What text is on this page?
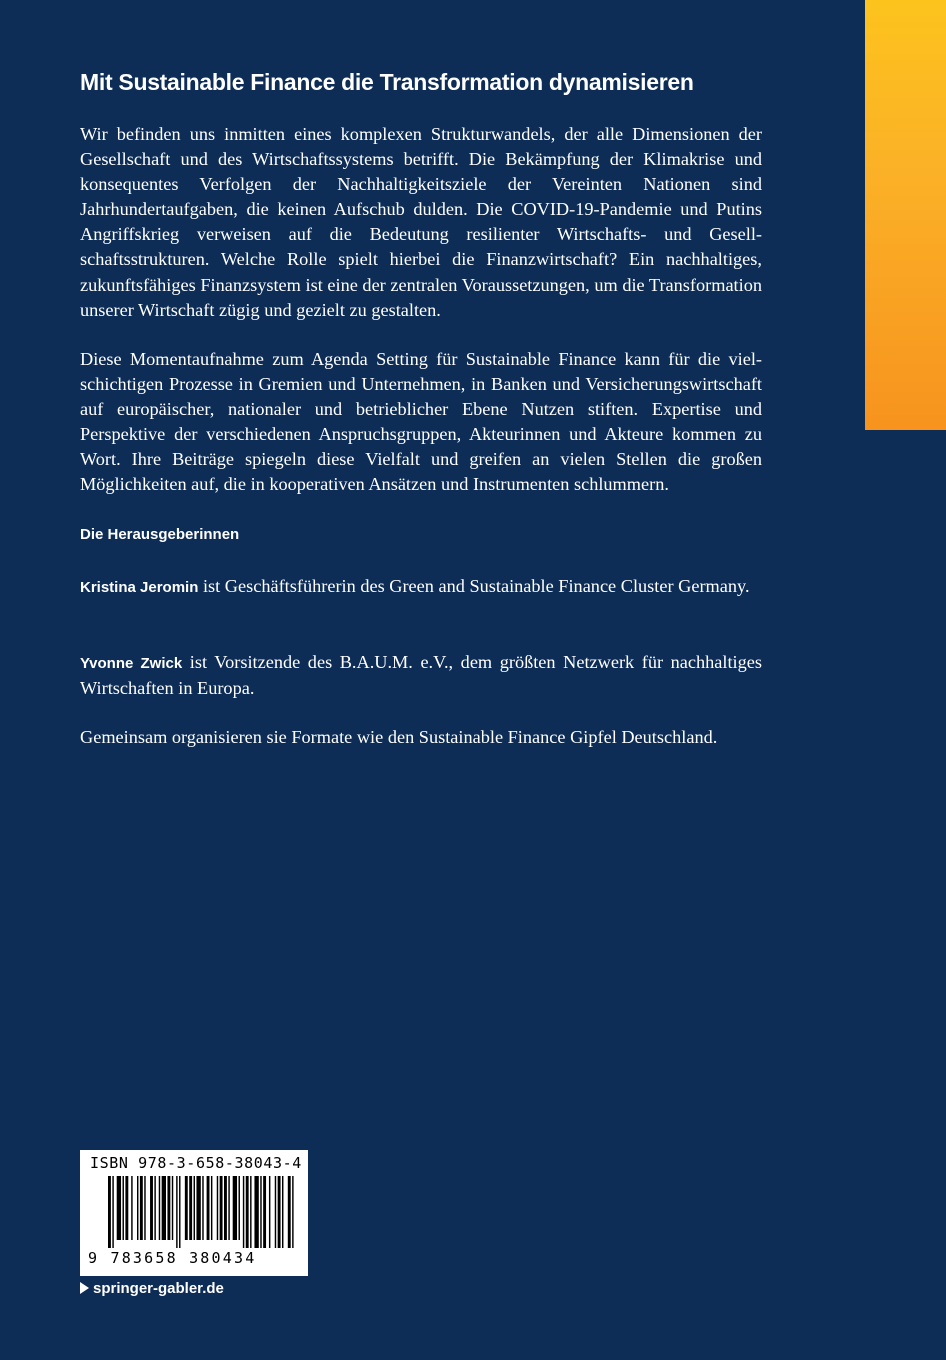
Mit Sustainable Finance die Transformation dynamisieren

Wir befinden uns inmitten eines komplexen Strukturwandels, der alle Dimensionen der Gesellschaft und des Wirtschaftssystems betrifft. Die Bekämpfung der Klimakrise und konsequentes Verfolgen der Nachhaltigkeitsziele der Vereinten Nationen sind Jahrhundertaufgaben, die keinen Aufschub dulden. Die COVID-19-Pandemie und Putins Angriffskrieg verweisen auf die Bedeutung resilienter Wirtschafts- und Gesellschaftsstrukturen. Welche Rolle spielt hierbei die Finanzwirtschaft? Ein nachhaltiges, zukunftsfähiges Finanzsystem ist eine der zentralen Voraussetzungen, um die Transformation unserer Wirtschaft zügig und gezielt zu gestalten.

Diese Momentaufnahme zum Agenda Setting für Sustainable Finance kann für die vielschichtigen Prozesse in Gremien und Unternehmen, in Banken und Versicherungswirtschaft auf europäischer, nationaler und betrieblicher Ebene Nutzen stiften. Expertise und Perspektive der verschiedenen Anspruchsgruppen, Akteurinnen und Akteure kommen zu Wort. Ihre Beiträge spiegeln diese Vielfalt und greifen an vielen Stellen die großen Möglichkeiten auf, die in kooperativen Ansätzen und Instrumenten schlummern.

Die Herausgeberinnen

Kristina Jeromin ist Geschäftsführerin des Green and Sustainable Finance Cluster Germany.

Yvonne Zwick ist Vorsitzende des B.A.U.M. e.V., dem größten Netzwerk für nachhaltiges Wirtschaften in Europa.

Gemeinsam organisieren sie Formate wie den Sustainable Finance Gipfel Deutschland.

ISBN 978-3-658-38043-4
9 783658 380434
springer-gabler.de
